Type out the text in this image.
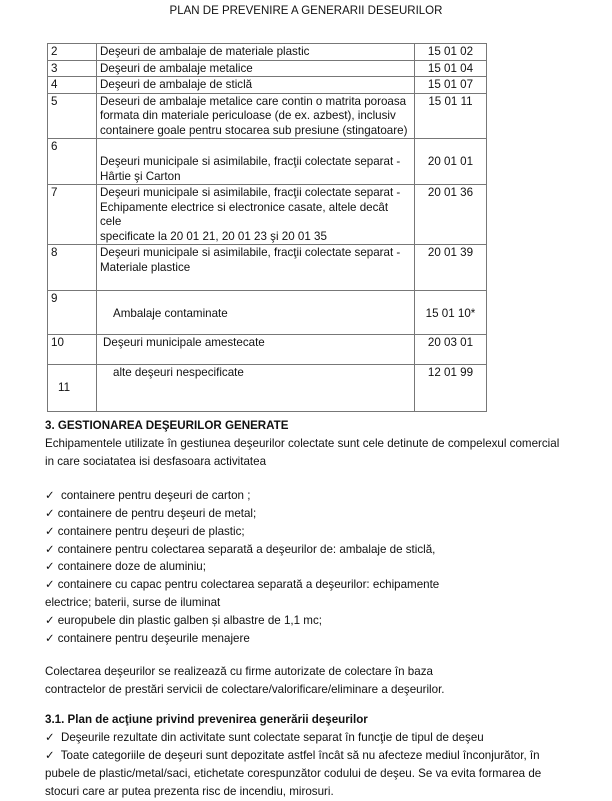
PLAN DE PREVENIRE A GENERARII DESEURILOR
2	Deşeuri de ambalaje de materiale plastic	15 01 02
3	Deşeuri de ambalaje metalice	15 01 04
4	Deşeuri de ambalaje de sticlă	15 01 07
5	Deseuri de ambalaje metalice care contin o matrita poroasa
formata din materiale periculoase (de ex. azbest), inclusiv
containere goale pentru stocarea sub presiune (stingatoare)	15 01 11
6	Deşeuri municipale si asimilabile, fracţii colectate separat -
Hârtie şi Carton	20 01 01
7	Deşeuri municipale si asimilabile, fracţii colectate separat -
Echipamente electrice si electronice casate, altele decât cele
specificate la 20 01 21, 20 01 23 şi 20 01 35	20 01 36
8	Deşeuri municipale si asimilabile, fracţii colectate separat -
Materiale plastice	20 01 39
9	Ambalaje contaminate	15 01 10*
10	Deşeuri municipale amestecate	20 03 01
11	alte deşeuri nespecificate	12 01 99
3. GESTIONAREA DEŞEURILOR GENERATE
Echipamentele utilizate în gestiunea deşeurilor colectate sunt cele detinute de compelexul comercial
in care sociatatea isi desfasoara activitatea
✓ containere pentru deşeuri de carton ;
✓ containere de pentru deşeuri de metal;
✓ containere pentru deşeuri de plastic;
✓ containere pentru colectarea separată a deşeurilor de: ambalaje de sticlă,
✓ containere doze de aluminiu;
✓ containere cu capac pentru colectarea separată a deşeurilor: echipamente
✓ europubele din plastic galben și albastre de 1,1 mc;
✓ containere pentru deşeurile menajere
electrice; baterii, surse de iluminat
Colectarea deşeurilor se realizează cu firme autorizate de colectare în baza
contractelor de prestări servicii de colectare/valorificare/eliminare a deşeurilor.
3.1. Plan de acţiune privind prevenirea generării deşeurilor
✓ Deşeurile rezultate din activitate sunt colectate separat în funcţie de tipul de deşeu
✓ Toate categoriile de deşeuri sunt depozitate astfel încât să nu afecteze mediul înconjurător, în
pubele de plastic/metal/saci, etichetate corespunzător codului de deşeu. Se va evita formarea de
stocuri care ar putea prezenta risc de incendiu, mirosuri.
